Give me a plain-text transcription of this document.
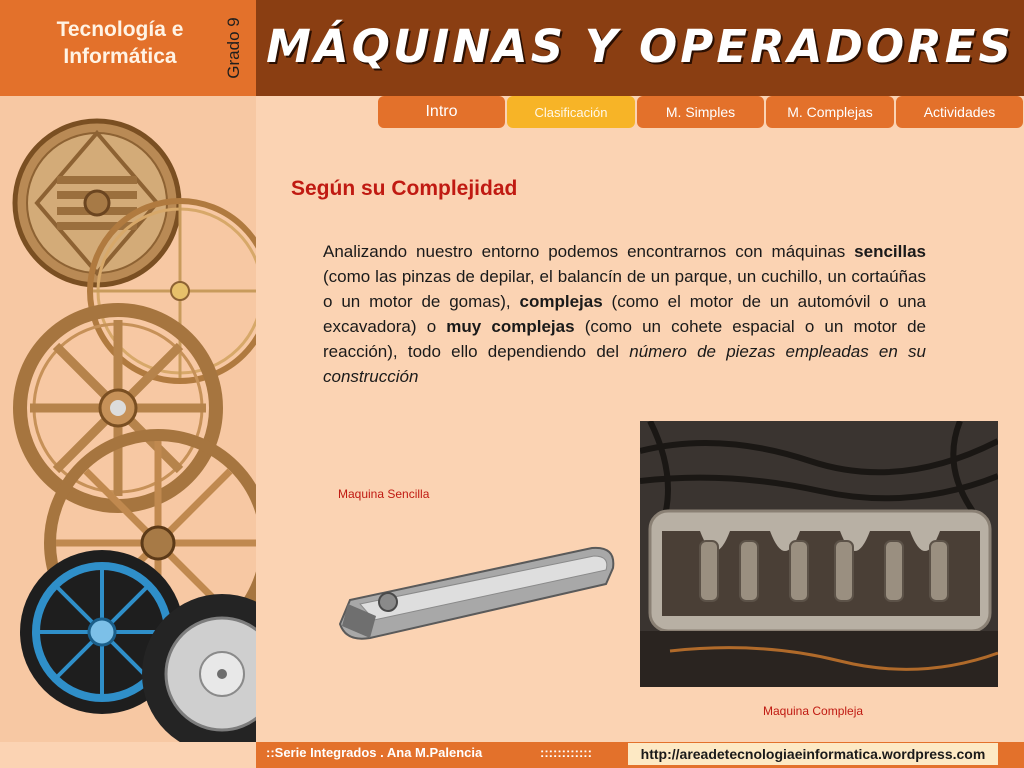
Tecnología e Informática	Grado 9 MÁQUINAS Y OPERADORES
Intro	Clasificación	M. Simples	M. Complejas	Actividades
Según su Complejidad

Analizando nuestro entorno podemos encontrarnos con máquinas sencillas (como las pinzas de depilar, el balancín de un parque, un cuchillo, un cortaúñas o un motor de gomas), complejas (como el motor de un automóvil o una excavadora) o muy complejas (como un cohete espacial o un motor de reacción), todo ello dependiendo del número de piezas empleadas en su construcción

Maquina Sencilla
Maquina Compleja
::Serie Integrados . Ana M.Palencia	::::::::::::	http://areadetecnologiaeinformatica.wordpress.com
